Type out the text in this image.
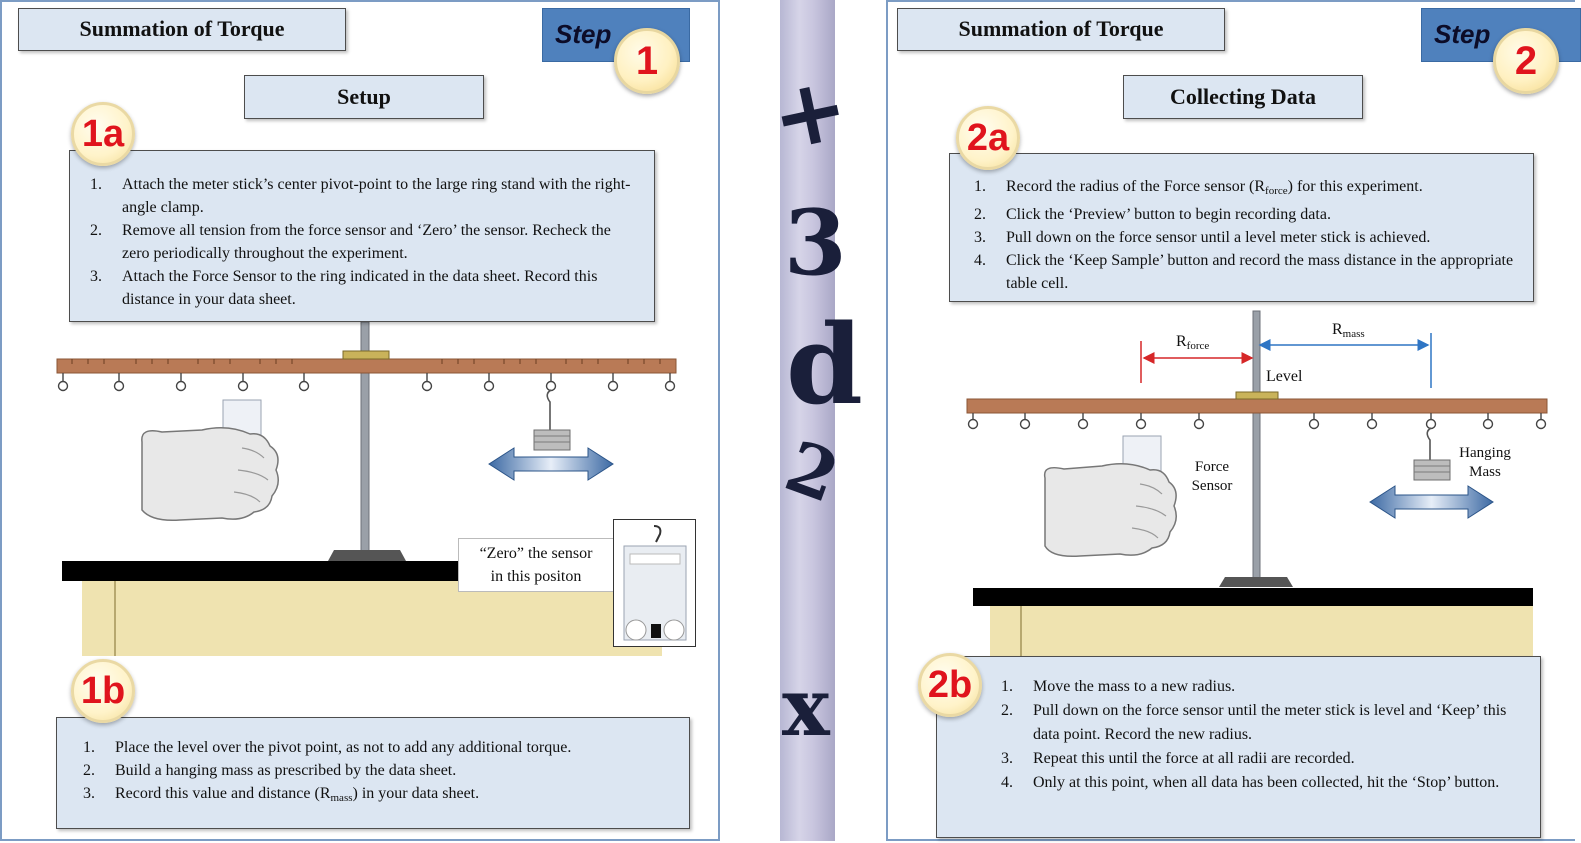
Summation of Torque	Step
1
Setup
1a
1. Attach the meter stick’s center pivot-point to the large ring stand with the right-angle clamp.
2. Remove all tension from the force sensor and ‘Zero’ the sensor. Recheck the zero periodically throughout the experiment.
3. Attach the Force Sensor to the ring indicated in the data sheet. Record this distance in your data sheet.
“Zero” the sensor
in this positon
1b
1. Place the level over the pivot point, as not to add any additional torque.
2. Build a hanging mass as prescribed by the data sheet.
3. Record this value and distance $(R_{mass})$ in your data sheet.
+
3
d
2
x
Summation of Torque	Step
2
Collecting Data
2a
1. Record the radius of the Force sensor $(R_{force})$ for this experiment.
2. Click the ‘Preview’ button to begin recording data.
3. Pull down on the force sensor until a level meter stick is achieved.
4. Click the ‘Keep Sample’ button and record the mass distance in the appropriate table cell.
$R_{force}$
$R_{mass}$
Level
Force
Sensor
Hanging
Mass
1. Move the mass to a new radius.
2. Pull down on the force sensor until the meter stick is level and ‘Keep’ this data point. Record the new radius.
3. Repeat this until the force at all radii are recorded.
4. Only at this point, when all data has been collected, hit the ‘Stop’ button.
2b
